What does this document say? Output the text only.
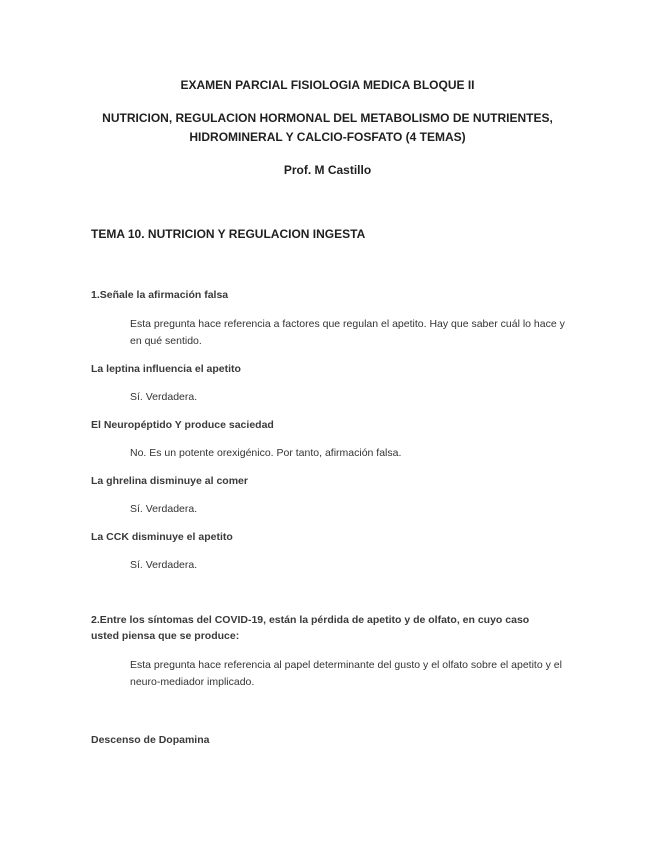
EXAMEN PARCIAL FISIOLOGIA MEDICA BLOQUE II

NUTRICION, REGULACION HORMONAL DEL METABOLISMO DE NUTRIENTES, HIDROMINERAL Y CALCIO-FOSFATO (4 TEMAS)

Prof. M Castillo

TEMA 10. NUTRICION Y REGULACION INGESTA

1.Señale la afirmación falsa

Esta pregunta hace referencia a factores que regulan el apetito. Hay que saber cuál lo hace y en qué sentido.

La leptina influencia el apetito

Sí. Verdadera.

El Neuropéptido Y produce saciedad

No. Es un potente orexigénico. Por tanto, afirmación falsa.

La ghrelina disminuye al comer

Sí. Verdadera.

La CCK disminuye el apetito

Sí. Verdadera.

2.Entre los síntomas del COVID-19, están la pérdida de apetito y de olfato, en cuyo caso usted piensa que se produce:

Esta pregunta hace referencia al papel determinante del gusto y el olfato sobre el apetito y el neuro-mediador implicado.

Descenso de Dopamina
